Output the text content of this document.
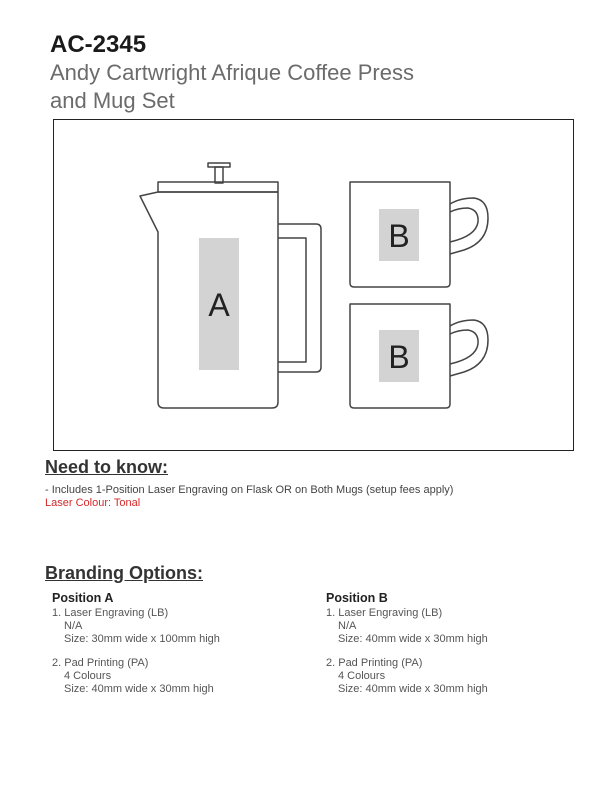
AC-2345
Andy Cartwright Afrique Coffee Press
and Mug Set
A
B
B
Need to know:
- Includes 1-Position Laser Engraving on Flask OR on Both Mugs (setup fees apply)
Laser Colour: Tonal
Branding Options:
Position A
1. Laser Engraving (LB)
N/A
Size: 30mm wide x 100mm high
2. Pad Printing (PA)
4 Colours
Size: 40mm wide x 30mm high
Position B
1. Laser Engraving (LB)
N/A
Size: 40mm wide x 30mm high
2. Pad Printing (PA)
4 Colours
Size: 40mm wide x 30mm high
